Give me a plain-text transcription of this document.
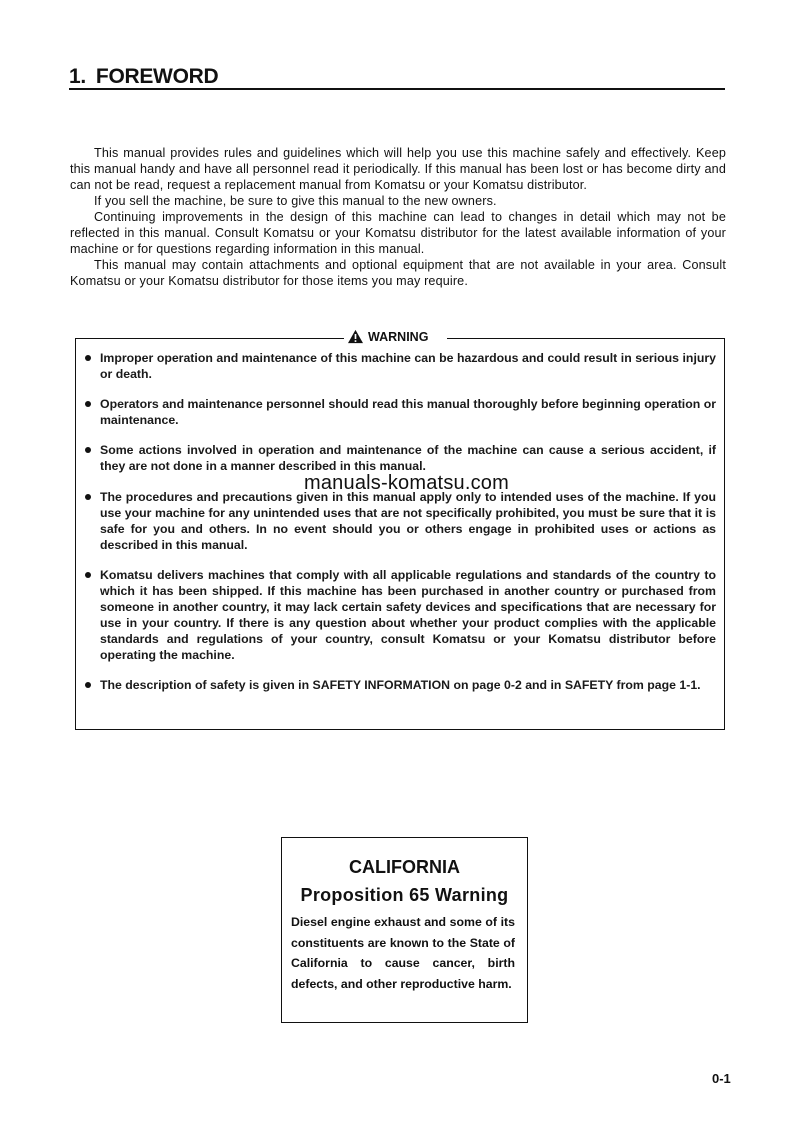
1. FOREWORD

This manual provides rules and guidelines which will help you use this machine safely and effectively. Keep this manual handy and have all personnel read it periodically. If this manual has been lost or has become dirty and can not be read, request a replacement manual from Komatsu or your Komatsu distributor.

If you sell the machine, be sure to give this manual to the new owners.

Continuing improvements in the design of this machine can lead to changes in detail which may not be reflected in this manual. Consult Komatsu or your Komatsu distributor for the latest available information of your machine or for questions regarding information in this manual.

This manual may contain attachments and optional equipment that are not available in your area. Consult Komatsu or your Komatsu distributor for those items you may require.

WARNING
Improper operation and maintenance of this machine can be hazardous and could result in serious injury or death.
Operators and maintenance personnel should read this manual thoroughly before beginning operation or maintenance.
Some actions involved in operation and maintenance of the machine can cause a serious accident, if they are not done in a manner described in this manual.
The procedures and precautions given in this manual apply only to intended uses of the machine. If you use your machine for any unintended uses that are not specifically prohibited, you must be sure that it is safe for you and others. In no event should you or others engage in prohibited uses or actions as described in this manual.
Komatsu delivers machines that comply with all applicable regulations and standards of the country to which it has been shipped. If this machine has been purchased in another country or purchased from someone in another country, it may lack certain safety devices and specifications that are necessary for use in your country. If there is any question about whether your product complies with the applicable standards and regulations of your country, consult Komatsu or your Komatsu distributor before operating the machine.
The description of safety is given in SAFETY INFORMATION on page 0-2 and in SAFETY from page 1-1.
manuals-komatsu.com
CALIFORNIA
Proposition 65 Warning
Diesel engine exhaust and some of its constituents are known to the State of California to cause cancer, birth defects, and other reproductive harm.
0-1
